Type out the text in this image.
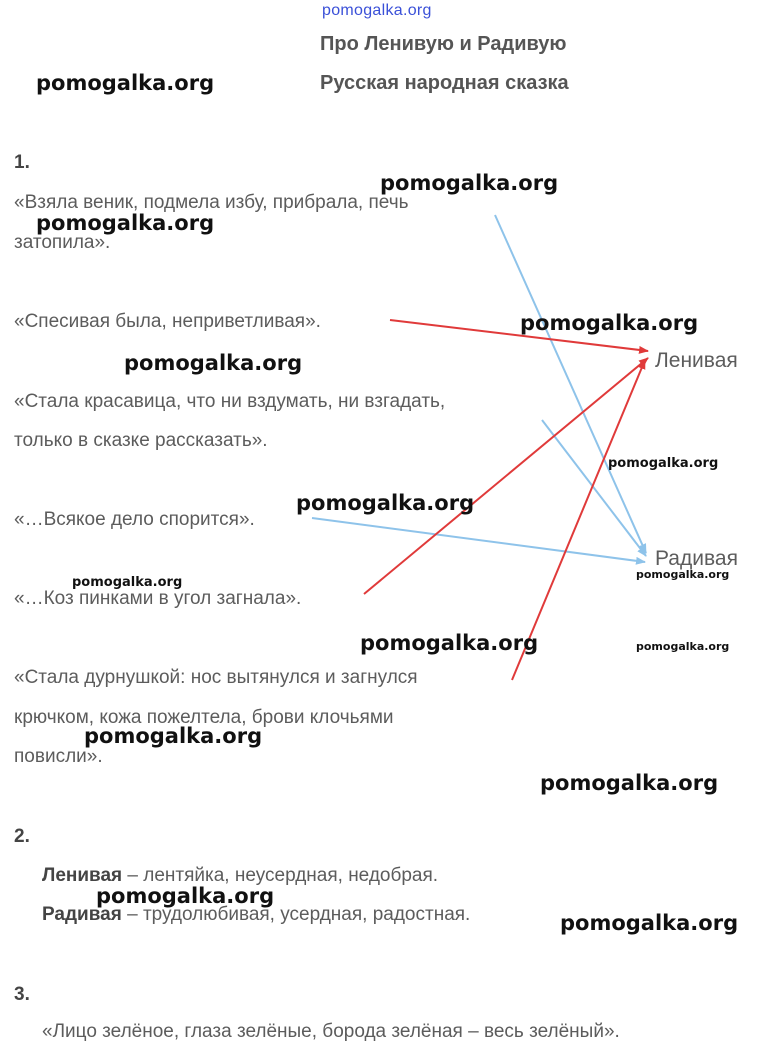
pomogalka.org
Про Ленивую и Радивую
Русская народная сказка
1.
«Взяла веник, подмела избу, прибрала, печь
затопила».
«Спесивая была, неприветливая».
«Стала красавица, что ни вздумать, ни взгадать,
только в сказке рассказать».
«…Всякое дело спорится».
«…Коз пинками в угол загнала».
«Стала дурнушкой: нос вытянулся и загнулся
крючком, кожа пожелтела, брови клочьями
повисли».
Ленивая
Радивая
2.
Ленивая – лентяйка, неусердная, недобрая.
Радивая – трудолюбивая, усердная, радостная.
3.
«Лицо зелёное, глаза зелёные, борода зелёная – весь зелёный».
pomogalka.org
pomogalka.org
pomogalka.org
pomogalka.org
pomogalka.org
pomogalka.org
pomogalka.org
pomogalka.org
pomogalka.org
pomogalka.org	pomogalka.org
pomogalka.org
pomogalka.org
pomogalka.org
pomogalka.org
